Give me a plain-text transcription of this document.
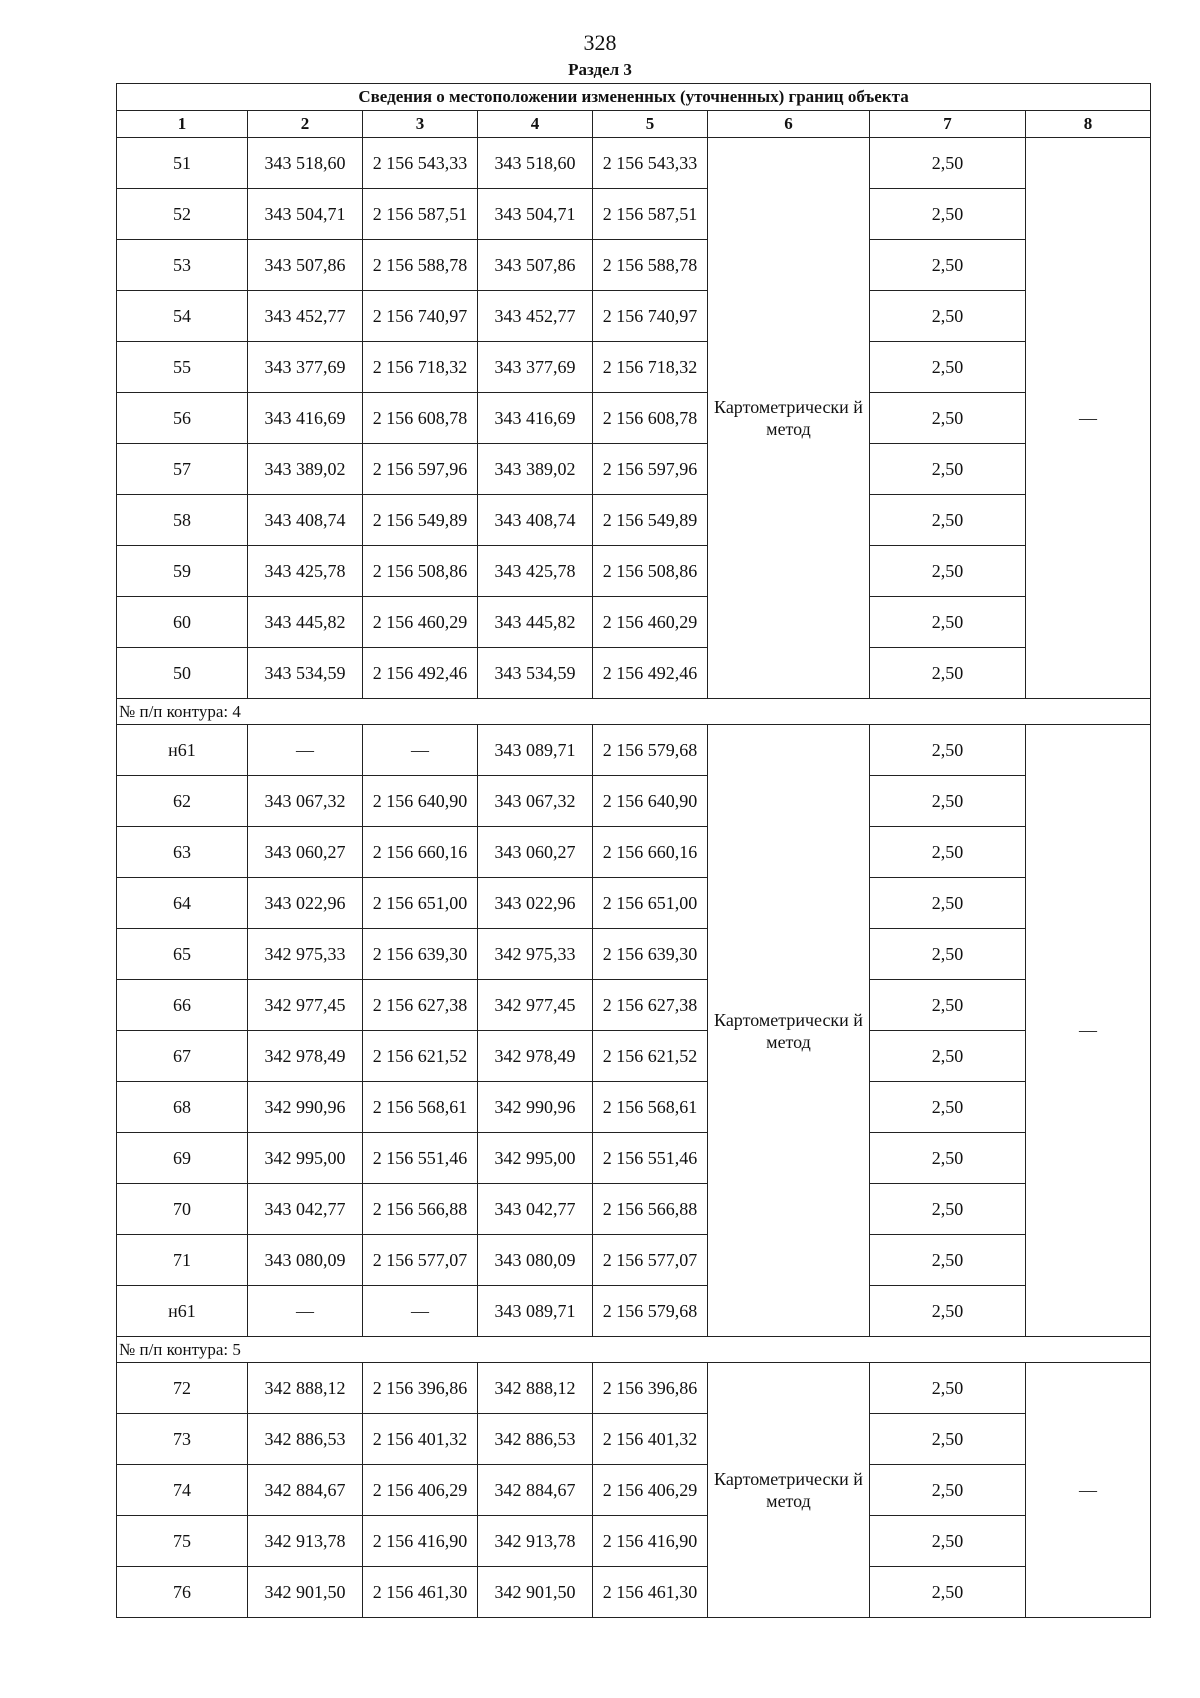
328
Раздел 3
Сведения о местоположении измененных (уточненных) границ объекта							
1	2	3	4	5	6	7	8
51	343 518,60	2 156 543,33	343 518,60	2 156 543,33	Картометрически й метод	2,50	—
52	343 504,71	2 156 587,51	343 504,71	2 156 587,51		2,50	
53	343 507,86	2 156 588,78	343 507,86	2 156 588,78		2,50	
54	343 452,77	2 156 740,97	343 452,77	2 156 740,97		2,50	
55	343 377,69	2 156 718,32	343 377,69	2 156 718,32		2,50	
56	343 416,69	2 156 608,78	343 416,69	2 156 608,78		2,50	
57	343 389,02	2 156 597,96	343 389,02	2 156 597,96		2,50	
58	343 408,74	2 156 549,89	343 408,74	2 156 549,89		2,50	
59	343 425,78	2 156 508,86	343 425,78	2 156 508,86		2,50	
60	343 445,82	2 156 460,29	343 445,82	2 156 460,29		2,50	
50	343 534,59	2 156 492,46	343 534,59	2 156 492,46		2,50	
№ п/п контура: 4							
н61	—	—	343 089,71	2 156 579,68	Картометрически й метод	2,50	—
62	343 067,32	2 156 640,90	343 067,32	2 156 640,90		2,50	
63	343 060,27	2 156 660,16	343 060,27	2 156 660,16		2,50	
64	343 022,96	2 156 651,00	343 022,96	2 156 651,00		2,50	
65	342 975,33	2 156 639,30	342 975,33	2 156 639,30		2,50	
66	342 977,45	2 156 627,38	342 977,45	2 156 627,38		2,50	
67	342 978,49	2 156 621,52	342 978,49	2 156 621,52		2,50	
68	342 990,96	2 156 568,61	342 990,96	2 156 568,61		2,50	
69	342 995,00	2 156 551,46	342 995,00	2 156 551,46		2,50	
70	343 042,77	2 156 566,88	343 042,77	2 156 566,88		2,50	
71	343 080,09	2 156 577,07	343 080,09	2 156 577,07		2,50	
н61	—	—	343 089,71	2 156 579,68		2,50	
№ п/п контура: 5							
72	342 888,12	2 156 396,86	342 888,12	2 156 396,86	Картометрически й метод	2,50	—
73	342 886,53	2 156 401,32	342 886,53	2 156 401,32		2,50	
74	342 884,67	2 156 406,29	342 884,67	2 156 406,29		2,50	
75	342 913,78	2 156 416,90	342 913,78	2 156 416,90		2,50	
76	342 901,50	2 156 461,30	342 901,50	2 156 461,30		2,50	
